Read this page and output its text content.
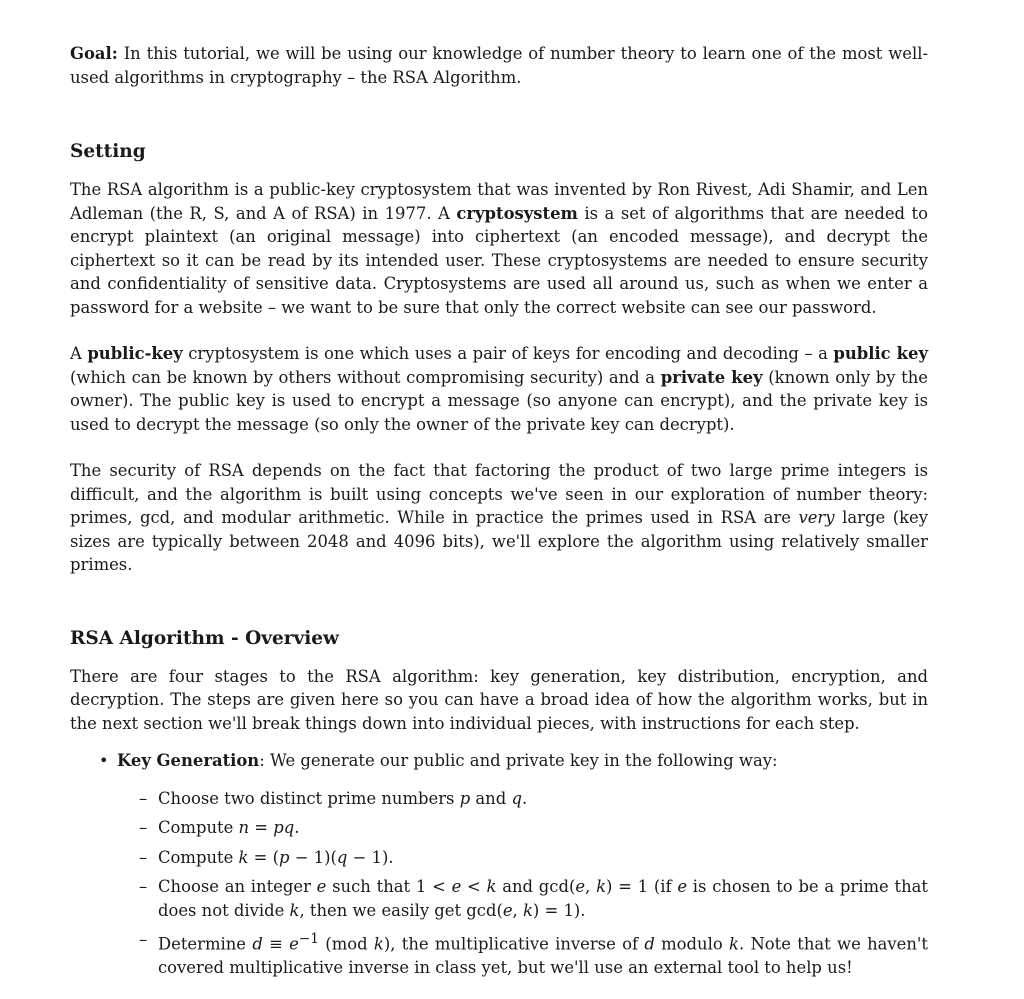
Goal: In this tutorial, we will be using our knowledge of number theory to learn one of the most well-used algorithms in cryptography – the RSA Algorithm.

Setting

The RSA algorithm is a public-key cryptosystem that was invented by Ron Rivest, Adi Shamir, and Len Adleman (the R, S, and A of RSA) in 1977. A cryptosystem is a set of algorithms that are needed to encrypt plaintext (an original message) into ciphertext (an encoded message), and decrypt the ciphertext so it can be read by its intended user. These cryptosystems are needed to ensure security and confidentiality of sensitive data. Cryptosystems are used all around us, such as when we enter a password for a website – we want to be sure that only the correct website can see our password.

A public-key cryptosystem is one which uses a pair of keys for encoding and decoding – a public key (which can be known by others without compromising security) and a private key (known only by the owner). The public key is used to encrypt a message (so anyone can encrypt), and the private key is used to decrypt the message (so only the owner of the private key can decrypt).

The security of RSA depends on the fact that factoring the product of two large prime integers is difficult, and the algorithm is built using concepts we've seen in our exploration of number theory: primes, gcd, and modular arithmetic. While in practice the primes used in RSA are very large (key sizes are typically between 2048 and 4096 bits), we'll explore the algorithm using relatively smaller primes.

RSA Algorithm - Overview

There are four stages to the RSA algorithm: key generation, key distribution, encryption, and decryption. The steps are given here so you can have a broad idea of how the algorithm works, but in the next section we'll break things down into individual pieces, with instructions for each step.

• Key Generation: We generate our public and private key in the following way:
– Choose two distinct prime numbers p and q.
– Compute n = pq.
– Compute k = (p − 1)(q − 1).
– Choose an integer e such that 1 < e < k and gcd(e, k) = 1 (if e is chosen to be a prime that does not divide k, then we easily get gcd(e, k) = 1).
– Determine $d \equiv e^{-1}$ (mod k), the multiplicative inverse of d modulo k. Note that we haven't covered multiplicative inverse in class yet, but we'll use an external tool to help us!
